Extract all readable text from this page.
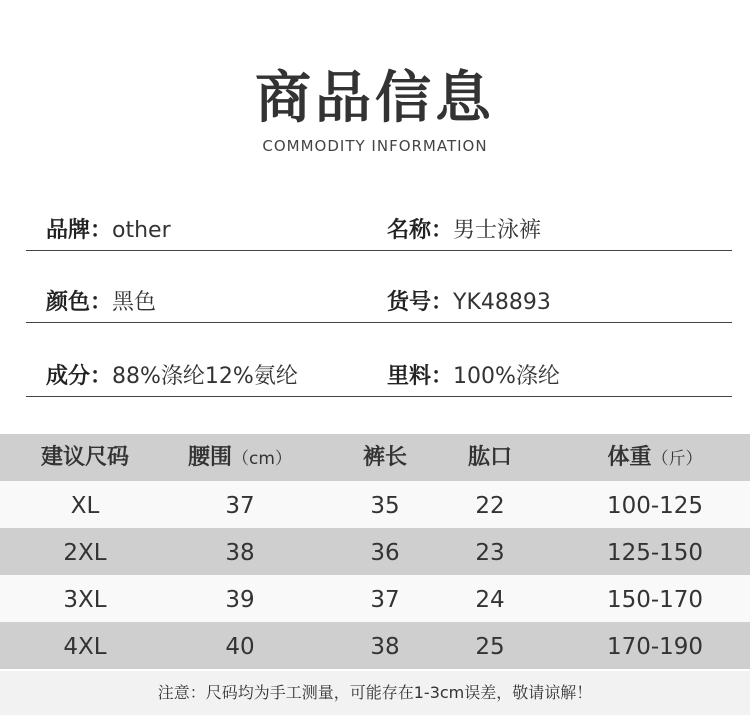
商品信息
COMMODITY INFORMATION
品牌：other	名称：男士泳裤
颜色：黑色	货号：YK48893
成分：88%涤纶12%氨纶	里料：100%涤纶
建议尺码	腰围（cm）	裤长	肱口	体重（斤）
XL	37	35	22	100-125
2XL	38	36	23	125-150
3XL	39	37	24	150-170
4XL	40	38	25	170-190
注意：尺码均为手工测量，可能存在1-3cm误差，敬请谅解！
